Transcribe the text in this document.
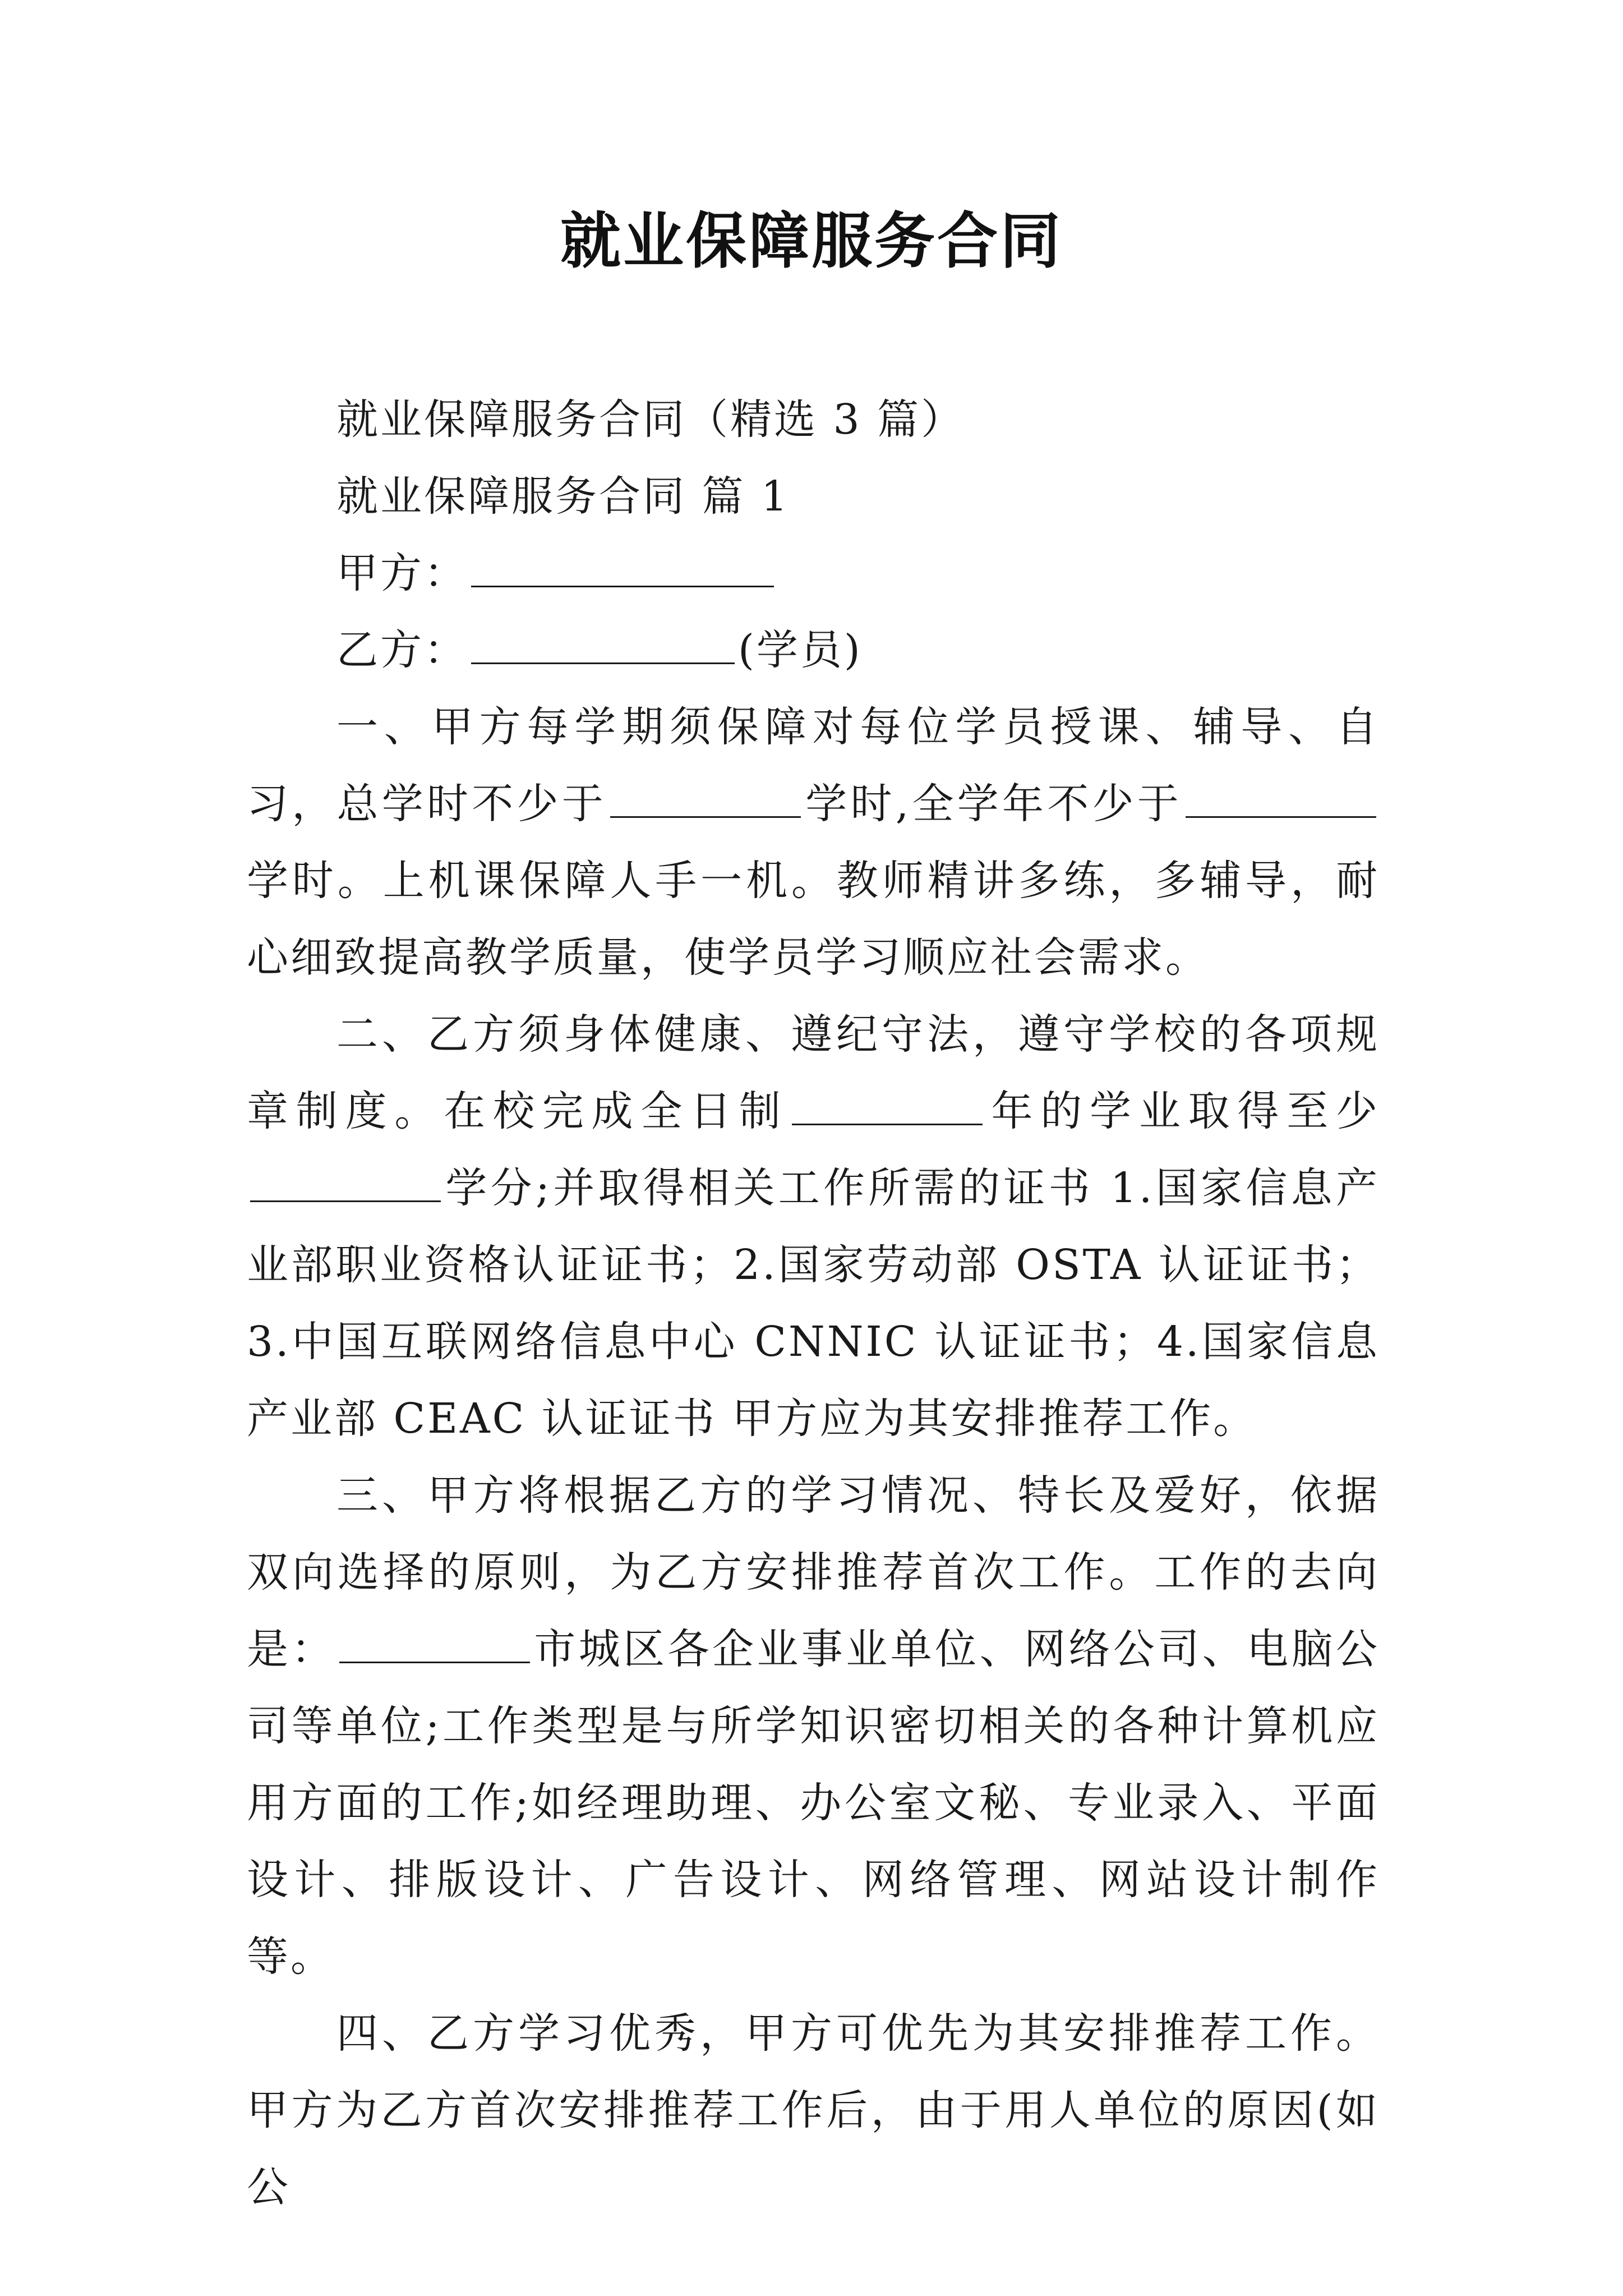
就业保障服务合同
就业保障服务合同（精选 3 篇）
就业保障服务合同 篇 1
甲方：
乙方：	(学员)

一、甲方每学期须保障对每位学员授课、辅导、自习，总学时不少于	学时,全学年不少于学时。上机课保障人手一机。教师精讲多练，多辅导，耐心细致提高教学质量，使学员学习顺应社会需求。

二、乙方须身体健康、遵纪守法，遵守学校的各项规章制度。在校完成全日制	年的学业取得至少学分;并取得相关工作所需的证书 1.国家信息产业部职业资格认证证书；2.国家劳动部 OSTA 认证证书；3.中国互联网络信息中心 CNNIC 认证证书；4.国家信息产业部 CEAC 认证证书 甲方应为其安排推荐工作。

三、甲方将根据乙方的学习情况、特长及爱好，依据双向选择的原则，为乙方安排推荐首次工作。工作的去向是：	市城区各企业事业单位、网络公司、电脑公司等单位;工作类型是与所学知识密切相关的各种计算机应用方面的工作;如经理助理、办公室文秘、专业录入、平面设计、排版设计、广告设计、网络管理、网站设计制作等。

四、乙方学习优秀，甲方可优先为其安排推荐工作。甲方为乙方首次安排推荐工作后，由于用人单位的原因(如公
